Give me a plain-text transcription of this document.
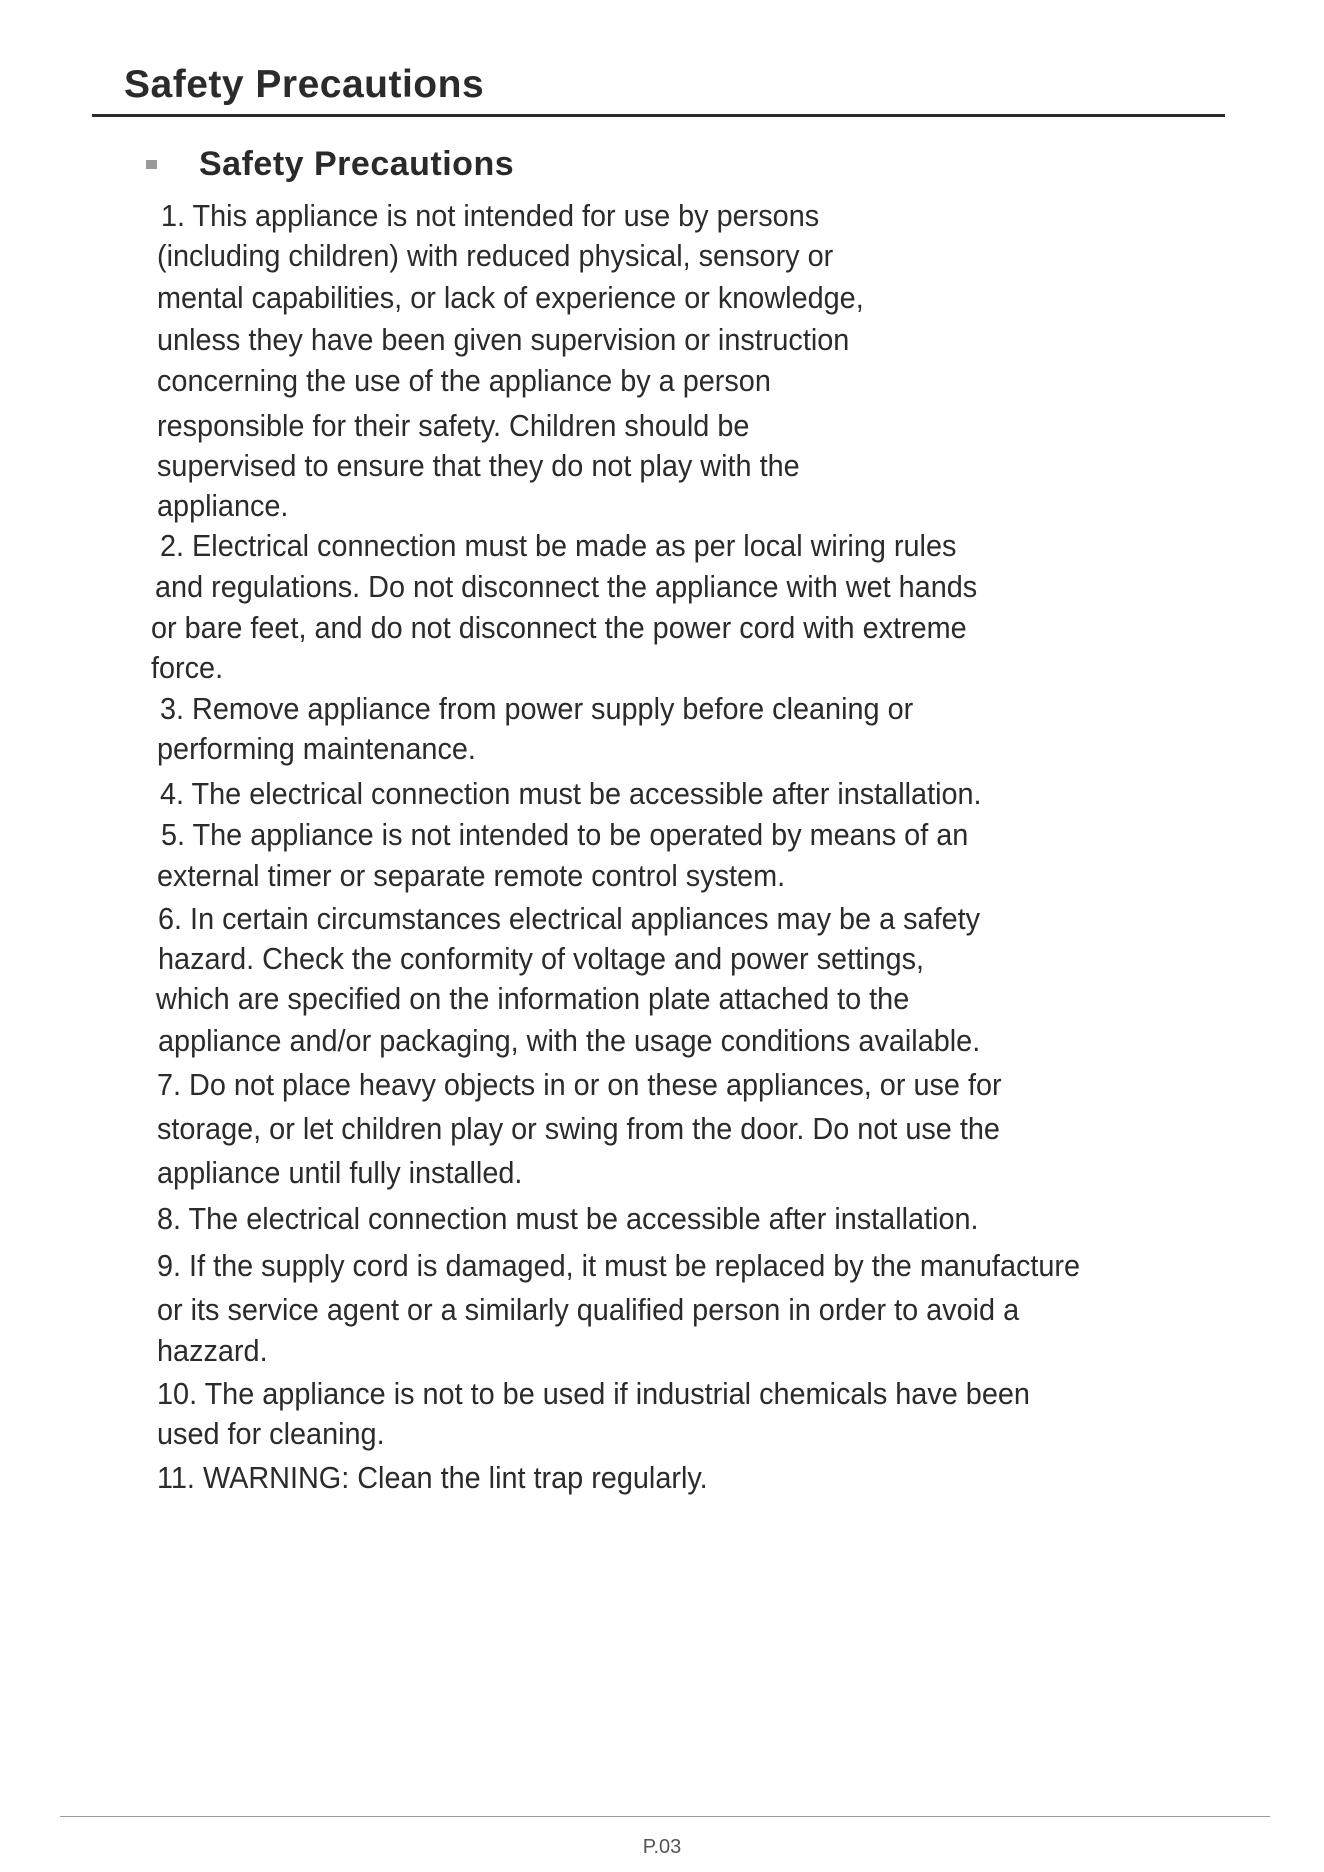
Safety Precautions
Safety Precautions
1. This appliance is not intended for use by persons
(including children) with reduced physical, sensory or
mental capabilities, or lack of experience or knowledge,
unless they have been given supervision or instruction
concerning the use of the appliance by a person
responsible for their safety. Children should be
supervised to ensure that they do not play with the
appliance.
2. Electrical connection must be made as per local wiring rules
and regulations. Do not disconnect the appliance with wet hands
or bare feet, and do not disconnect the power cord with extreme
force.
3. Remove appliance from power supply before cleaning or
performing maintenance.
4. The electrical connection must be accessible after installation.
5. The appliance is not intended to be operated by means of an
external timer or separate remote control system.
6. In certain circumstances electrical appliances may be a safety
hazard. Check the conformity of voltage and power settings,
which are specified on the information plate attached to the
appliance and/or packaging, with the usage conditions available.
7. Do not place heavy objects in or on these appliances, or use for
storage, or let children play or swing from the door. Do not use the
appliance until fully installed.
8. The electrical connection must be accessible after installation.
9. If the supply cord is damaged, it must be replaced by the manufacture
or its service agent or a similarly qualified person in order to avoid a
hazzard.
10. The appliance is not to be used if industrial chemicals have been
used for cleaning.
11. WARNING: Clean the lint trap regularly.
P.03
